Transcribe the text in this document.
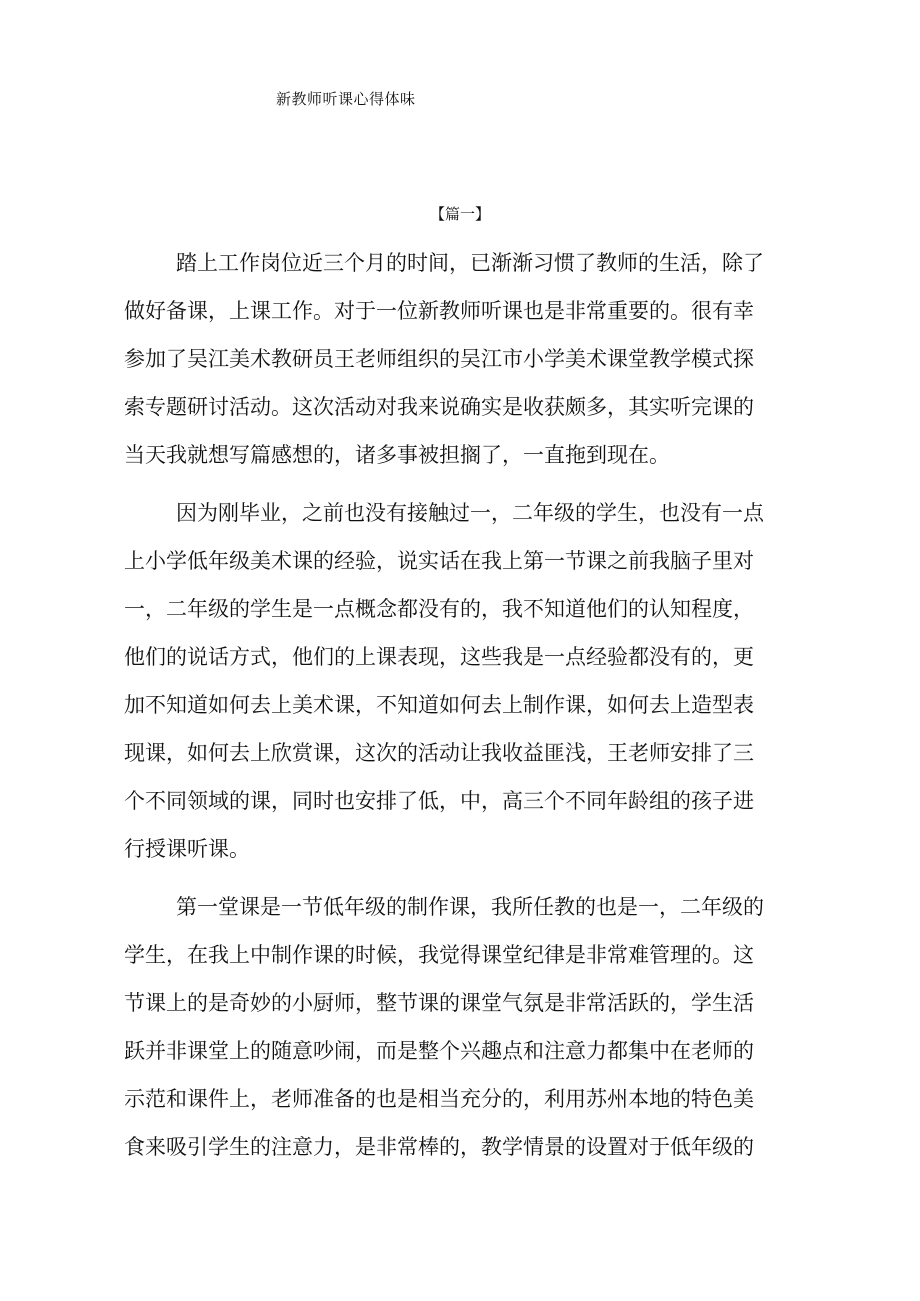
新教师听课心得体味
【篇一】
踏上工作岗位近三个月的时间，已渐渐习惯了教师的生活，除了
做好备课，上课工作。对于一位新教师听课也是非常重要的。很有幸
参加了吴江美术教研员王老师组织的吴江市小学美术课堂教学模式探
索专题研讨活动。这次活动对我来说确实是收获颇多，其实听完课的
当天我就想写篇感想的，诸多事被担搁了，一直拖到现在。
因为刚毕业，之前也没有接触过一，二年级的学生，也没有一点
上小学低年级美术课的经验，说实话在我上第一节课之前我脑子里对
一，二年级的学生是一点概念都没有的，我不知道他们的认知程度，
他们的说话方式，他们的上课表现，这些我是一点经验都没有的，更
加不知道如何去上美术课，不知道如何去上制作课，如何去上造型表
现课，如何去上欣赏课，这次的活动让我收益匪浅，王老师安排了三
个不同领域的课，同时也安排了低，中，高三个不同年龄组的孩子进
行授课听课。
第一堂课是一节低年级的制作课，我所任教的也是一，二年级的
学生，在我上中制作课的时候，我觉得课堂纪律是非常难管理的。这
节课上的是奇妙的小厨师，整节课的课堂气氛是非常活跃的，学生活
跃并非课堂上的随意吵闹，而是整个兴趣点和注意力都集中在老师的
示范和课件上，老师准备的也是相当充分的，利用苏州本地的特色美
食来吸引学生的注意力，是非常棒的，教学情景的设置对于低年级的
